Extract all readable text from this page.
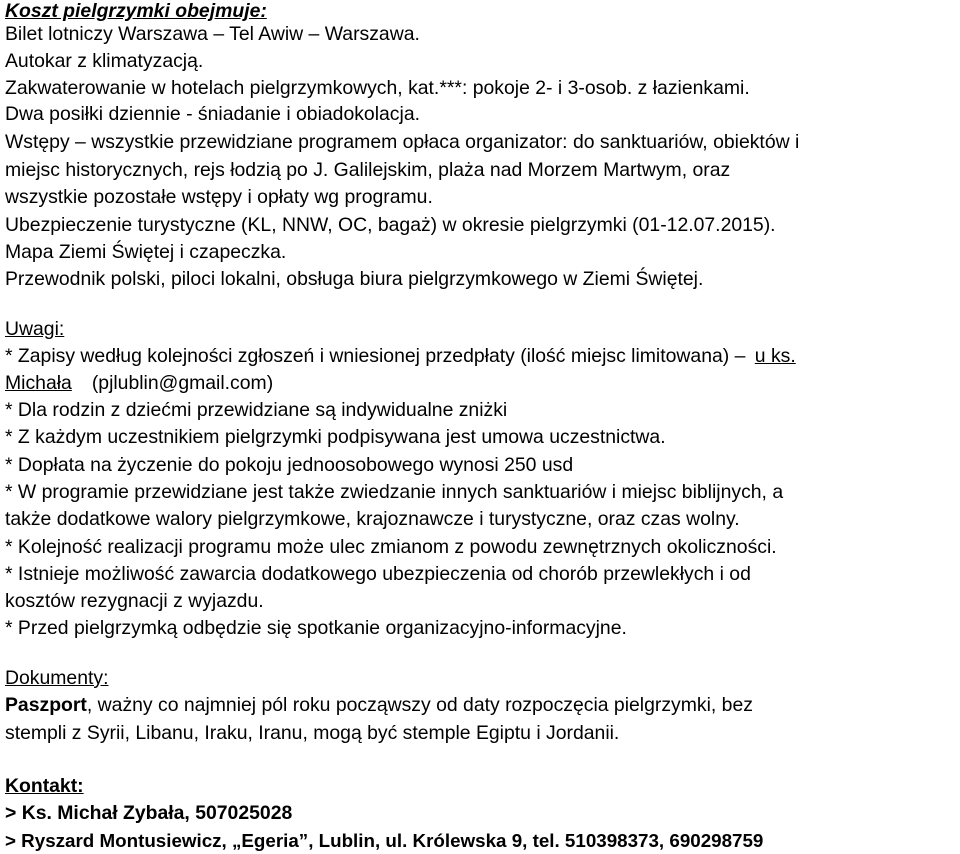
Koszt pielgrzymki obejmuje:
Bilet lotniczy Warszawa – Tel Awiw – Warszawa.
Autokar z klimatyzacją.
Zakwaterowanie w hotelach pielgrzymkowych, kat.***: pokoje 2- i 3-osob. z łazienkami.
Dwa posiłki dziennie - śniadanie i obiadokolacja.
Wstępy – wszystkie przewidziane programem opłaca organizator: do sanktuariów, obiektów i
miejsc historycznych, rejs łodzią po J. Galilejskim, plaża nad Morzem Martwym, oraz
wszystkie pozostałe wstępy i opłaty wg programu.
Ubezpieczenie turystyczne (KL, NNW, OC, bagaż) w okresie pielgrzymki (01-12.07.2015).
Mapa Ziemi Świętej i czapeczka.
Przewodnik polski, piloci lokalni, obsługa biura pielgrzymkowego w Ziemi Świętej.
Uwagi:
* Zapisy według kolejności zgłoszeń i wniesionej przedpłaty (ilość miejsc limitowana) – u ks.
Michała (pjlublin@gmail.com)
* Dla rodzin z dziećmi przewidziane są indywidualne zniżki
* Z każdym uczestnikiem pielgrzymki podpisywana jest umowa uczestnictwa.
* Dopłata na życzenie do pokoju jednoosobowego wynosi 250 usd
* W programie przewidziane jest także zwiedzanie innych sanktuariów i miejsc biblijnych, a
także dodatkowe walory pielgrzymkowe, krajoznawcze i turystyczne, oraz czas wolny.
* Kolejność realizacji programu może ulec zmianom z powodu zewnętrznych okoliczności.
* Istnieje możliwość zawarcia dodatkowego ubezpieczenia od chorób przewlekłych i od
kosztów rezygnacji z wyjazdu.
* Przed pielgrzymką odbędzie się spotkanie organizacyjno-informacyjne.
Dokumenty:
Paszport, ważny co najmniej pól roku począwszy od daty rozpoczęcia pielgrzymki, bez
stempli z Syrii, Libanu, Iraku, Iranu, mogą być stemple Egiptu i Jordanii.
Kontakt:
> Ks. Michał Zybała, 507025028
> Ryszard Montusiewicz, „Egeria”, Lublin, ul. Królewska 9, tel. 510398373, 690298759
